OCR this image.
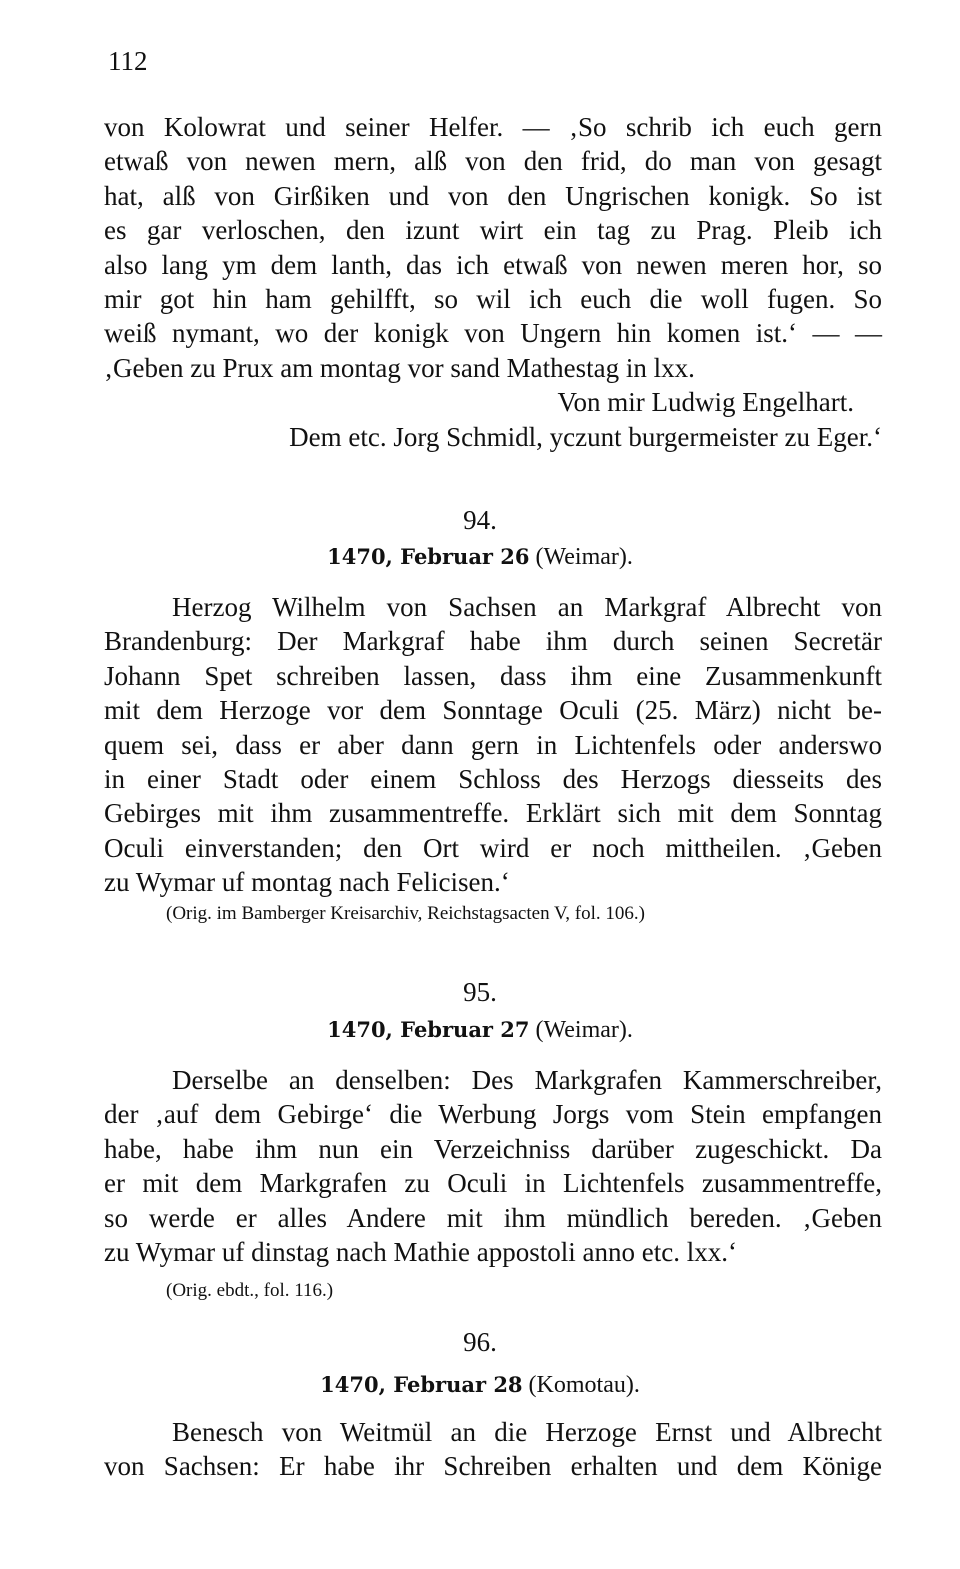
112
von Kolowrat und seiner Helfer. — ‚So schrib ich euch gern
etwaß von newen mern, alß von den frid, do man von gesagt
hat, alß von Girßiken und von den Ungrischen konigk. So ist
es gar verloschen, den izunt wirt ein tag zu Prag. Pleib ich
also lang ym dem lanth, das ich etwaß von newen meren hor, so
mir got hin ham gehilfft, so wil ich euch die woll fugen. So
weiß nymant, wo der konigk von Ungern hin komen ist.‘ — —
‚Geben zu Prux am montag vor sand Mathestag in lxx.
Von mir Ludwig Engelhart.
Dem etc. Jorg Schmidl, yczunt burgermeister zu Eger.‘
94.
1470, Februar 26 (Weimar).
Herzog Wilhelm von Sachsen an Markgraf Albrecht von
Brandenburg: Der Markgraf habe ihm durch seinen Secretär
Johann Spet schreiben lassen, dass ihm eine Zusammenkunft
mit dem Herzoge vor dem Sonntage Oculi (25. März) nicht be-
quem sei, dass er aber dann gern in Lichtenfels oder anderswo
in einer Stadt oder einem Schloss des Herzogs diesseits des
Gebirges mit ihm zusammentreffe. Erklärt sich mit dem Sonntag
Oculi einverstanden; den Ort wird er noch mittheilen. ‚Geben
zu Wymar uf montag nach Felicisen.‘
(Orig. im Bamberger Kreisarchiv, Reichstagsacten V, fol. 106.)
95.
1470, Februar 27 (Weimar).
Derselbe an denselben: Des Markgrafen Kammerschreiber,
der ‚auf dem Gebirge‘ die Werbung Jorgs vom Stein empfangen
habe, habe ihm nun ein Verzeichniss darüber zugeschickt. Da
er mit dem Markgrafen zu Oculi in Lichtenfels zusammentreffe,
so werde er alles Andere mit ihm mündlich bereden. ‚Geben
zu Wymar uf dinstag nach Mathie appostoli anno etc. lxx.‘
(Orig. ebdt., fol. 116.)
96.
1470, Februar 28 (Komotau).
Benesch von Weitmül an die Herzoge Ernst und Albrecht
von Sachsen: Er habe ihr Schreiben erhalten und dem Könige
